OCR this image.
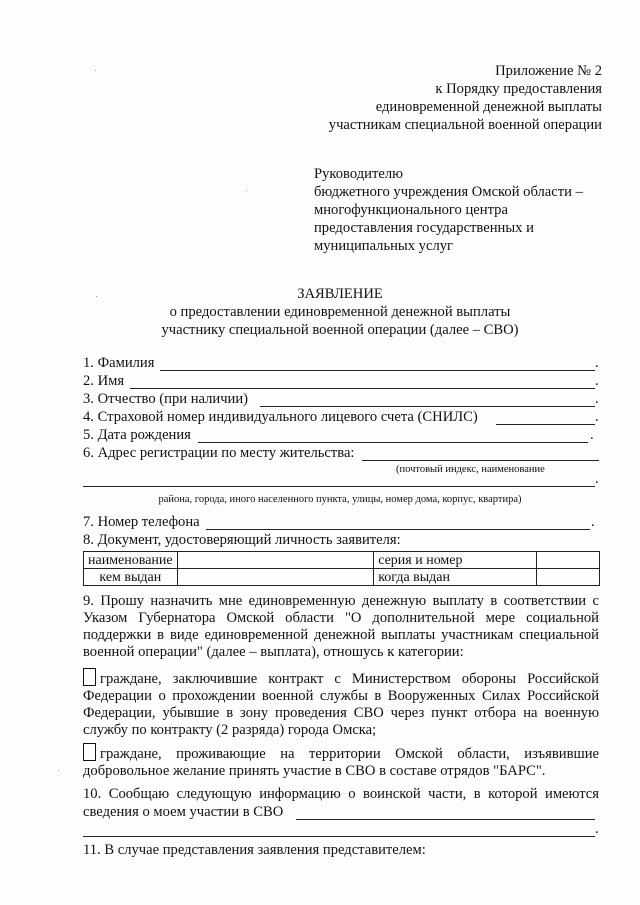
Приложение № 2
к Порядку предоставления
единовременной денежной выплаты
участникам специальной военной операции
Руководителю
бюджетного учреждения Омской области –
многофункционального центра
предоставления государственных и
муниципальных услуг
ЗАЯВЛЕНИЕ
о предоставлении единовременной денежной выплаты
участнику специальной военной операции (далее – СВО)
1. Фамилия	.
2. Имя	.
3. Отчество (при наличии)	.
4. Страховой номер индивидуального лицевого счета (СНИЛС)	.
5. Дата рождения	.
6. Адрес регистрации по месту жительства:
(почтовый индекс, наименование
.
района, города, иного населенного пункта, улицы, номер дома, корпус, квартира)
7. Номер телефона	.
8. Документ, удостоверяющий личность заявителя:
наименование		серия и номер	
кем выдан		когда выдан	
9. Прошу назначить мне единовременную денежную выплату в соответствии с Указом Губернатора Омской области "О дополнительной мере социальной поддержки в виде единовременной денежной выплаты участникам специальной военной операции" (далее – выплата), отношусь к категории:
граждане, заключившие контракт с Министерством обороны Российской Федерации о прохождении военной службы в Вооруженных Силах Российской Федерации, убывшие в зону проведения СВО через пункт отбора на военную службу по контракту (2 разряда) города Омска;
граждане, проживающие на территории Омской области, изъявившие добровольное желание принять участие в СВО в составе отрядов "БАРС".
10. Сообщаю следующую информацию о воинской части, в которой имеются
сведения о моем участии в СВО
.
11. В случае представления заявления представителем:
